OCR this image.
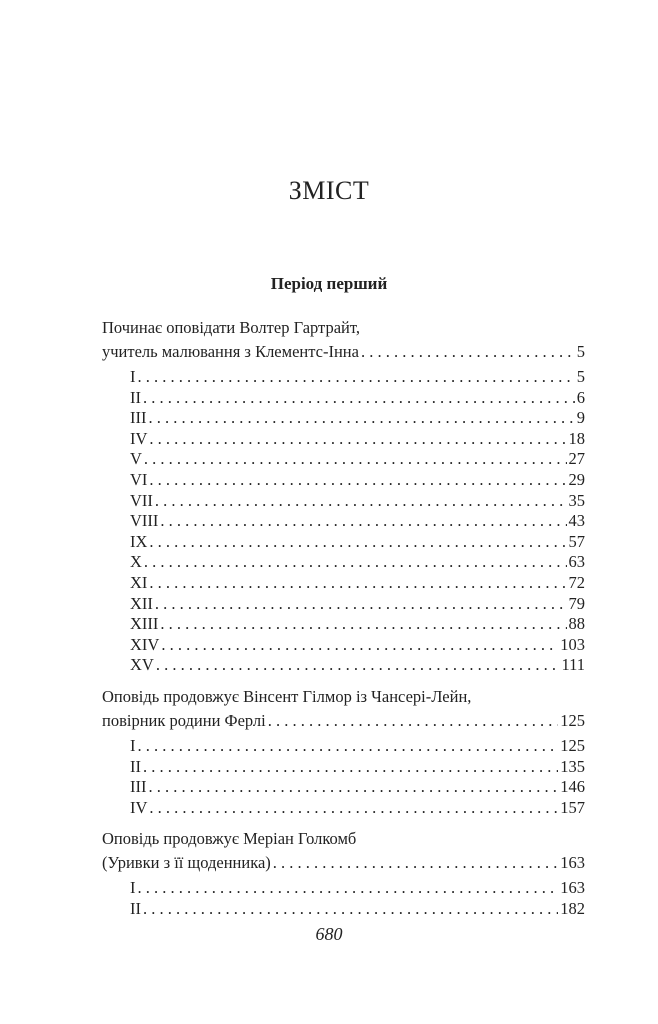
ЗМІСТ
Період перший
Починає оповідати Волтер Гартрайт,
учитель малювання з Клементс-Інна . . .	5
I . . .	5
II . . .	6
III . . .	9
IV . . .	18
V . . .	27
VI . . .	29
VII . . .	35
VIII . . .	43
IX . . .	57
X . . .	63
XI . . .	72
XII . . .	79
XIII . . .	88
XIV . . .	103
XV . . .	111
Оповідь продовжує Вінсент Гілмор із Чансері-Лейн,
повірник родини Ферлі . . .	125
I . . .	125
II . . .	135
III . . .	146
IV . . .	157
Оповідь продовжує Меріан Голкомб
(Уривки з її щоденника) . . .	163
I . . .	163
II . . .	182
680
